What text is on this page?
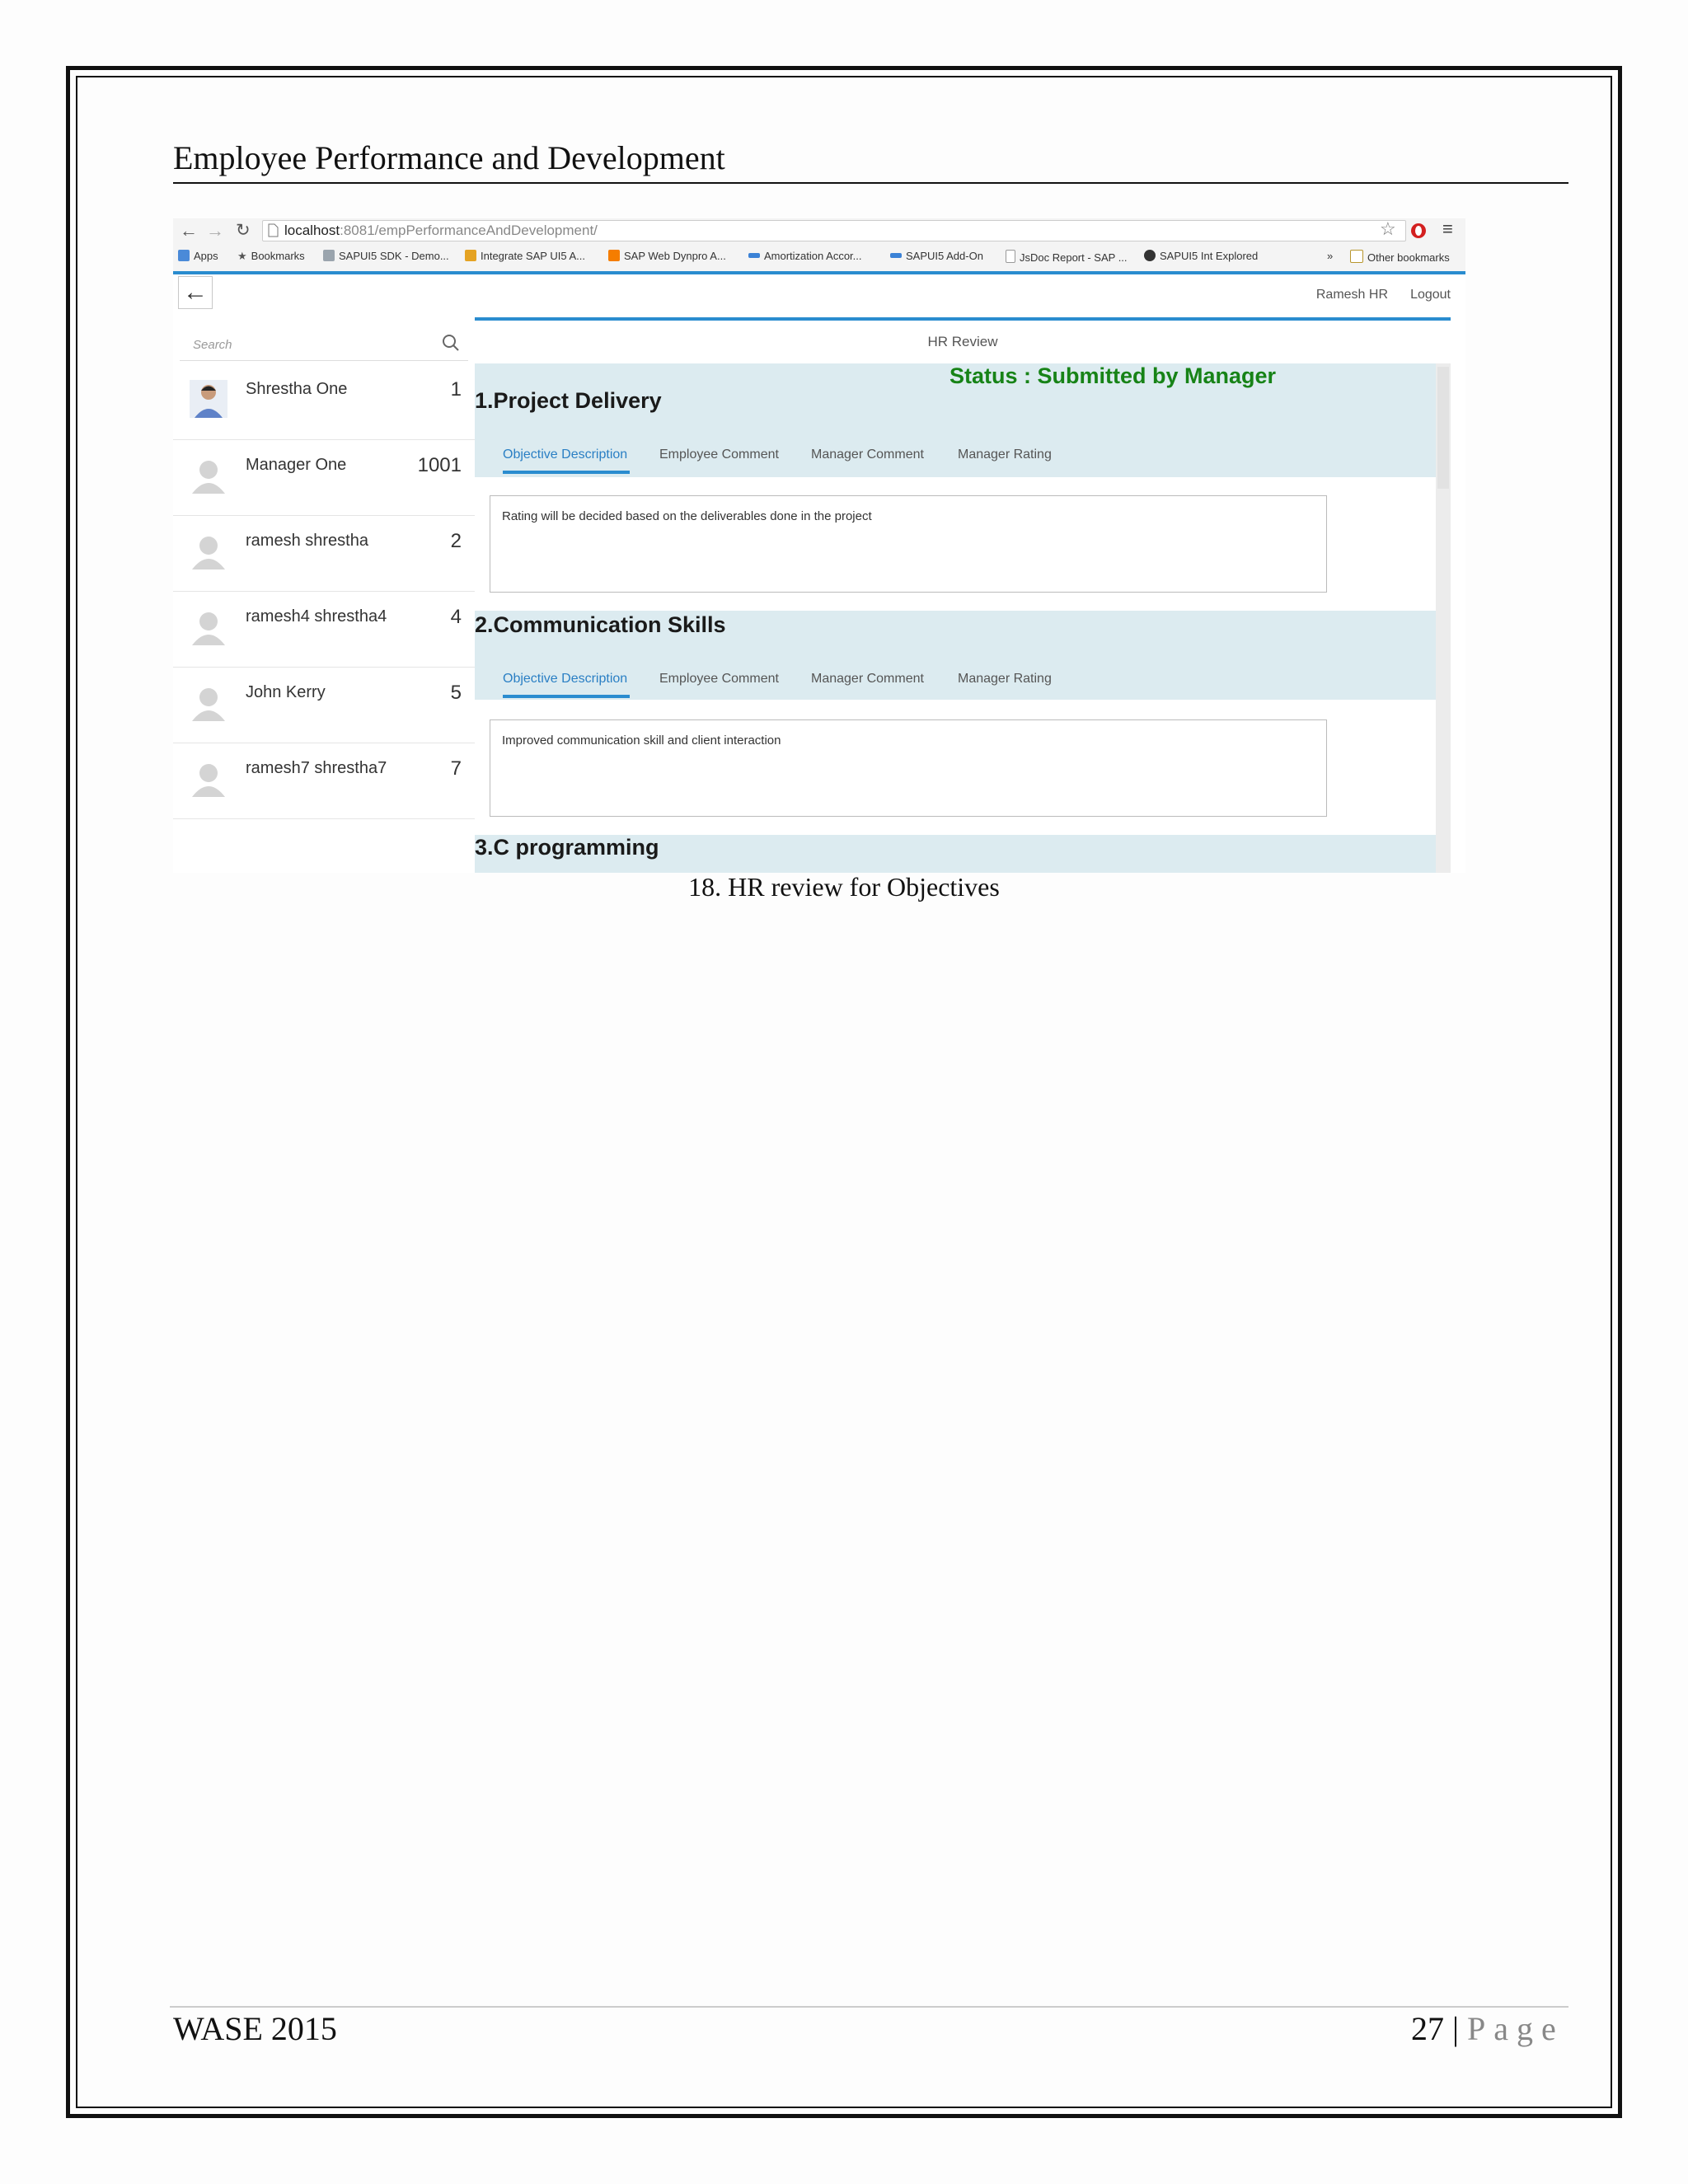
Employee Performance and Development
← → ↻ localhost:8081/empPerformanceAndDevelopment/	☆	≡
Apps ★ Bookmarks	SAPUI5 SDK - Demo...	Integrate SAP UI5 A...	SAP Web Dynpro A...	Amortization Accor...	SAPUI5 Add-On	JsDoc Report - SAP ...	SAPUI5 Int Explored	»	Other bookmarks
←	Ramesh HR Logout
Search
Shrestha One	1
Manager One	1001
ramesh shrestha	2
ramesh4 shrestha4	4
John Kerry	5
ramesh7 shrestha7	7
HR Review
Status : Submitted by Manager
1.Project Delivery
Objective Description Employee Comment Manager Comment	Manager Rating
Rating will be decided based on the deliverables done in the project
2.Communication Skills
Objective Description Employee Comment Manager Comment	Manager Rating
Improved communication skill and client interaction
3.C programming
18. HR review for Objectives
WASE 2015	27 | Page
